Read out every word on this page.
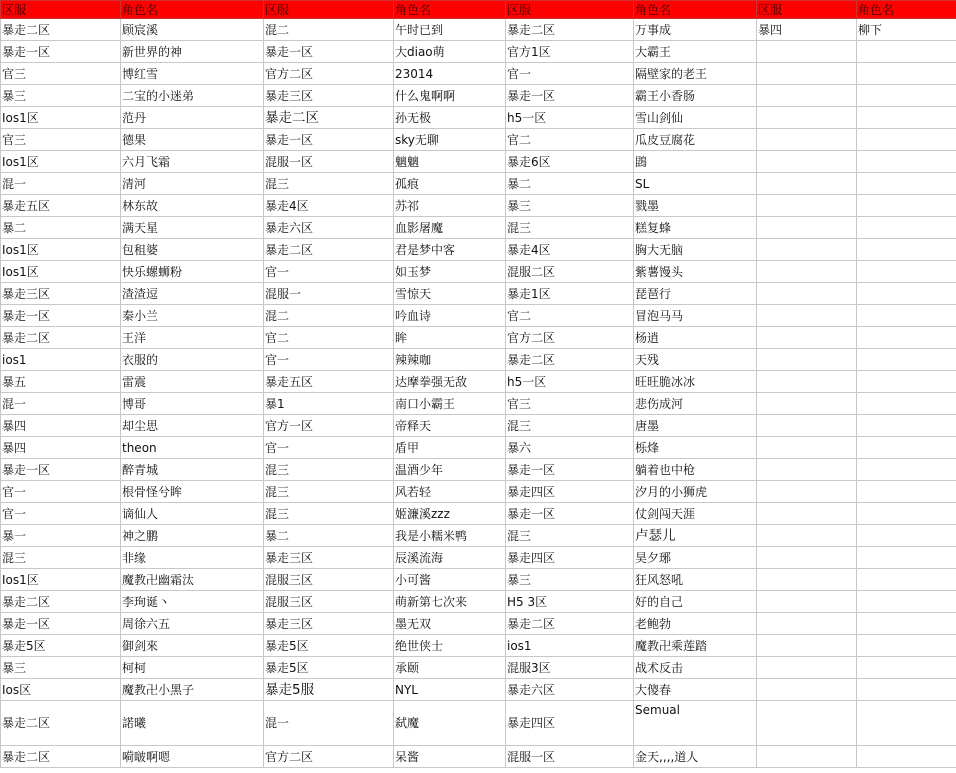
区服	角色名	区服	角色名	区服	角色名	区服	角色名
暴走二区	顾宸溪	混二	午时已到	暴走二区	万事成	暴四	柳下
暴走一区	新世界的神	暴走一区	大diao萌	官方1区	大霸王		
官三	博红雪	官方二区	23014	官一	隔壁家的老王		
暴三	二宝的小迷弟	暴走三区	什么鬼啊啊	暴走一区	霸王小香肠		
Ios1区	范丹	暴走二区	孙无极	h5一区	雪山剑仙		
官三	德果	暴走一区	sky无聊	官二	瓜皮豆腐花		
Ios1区	六月飞霜	混服一区	魑魑	暴走6区	鵾		
混一	清河	混三	孤痕	暴二	SL		
暴走五区	林东故	暴走4区	苏祁	暴三	戮墨		
暴二	满天星	暴走六区	血影屠魔	混三	糕复蜂		
Ios1区	包租婆	暴走二区	君是梦中客	暴走4区	胸大无脑		
Ios1区	快乐螺蛳粉	官一	如玉梦	混服二区	紫薯馒头		
暴走三区	渣渣逗	混服一	雪惊天	暴走1区	琵琶行		
暴走一区	秦小兰	混二	吟血诗	官二	冒泡马马		
暴走二区	王洋	官二	眸	官方二区	杨逍		
ios1	衣服的	官一	辣辣咖	暴走二区	天残		
暴五	雷震	暴走五区	达摩拳强无敌	h5一区	旺旺脆冰冰		
混一	博哥	暴1	南口小霸王	官三	悲伤成河		
暴四	却尘思	官方一区	帝释天	混三	唐墨		
暴四	theon	官一	盾甲	暴六	栎烽		
暴走一区	醉青城	混三	温酒少年	暴走一区	躺着也中枪		
官一	根骨怪兮眸	混三	风若轻	暴走四区	汐月的小狮虎		
官一	谪仙人	混三	姬濂溪zzz	暴走一区	仗剑闯天涯		
暴一	神之鹏	暴二	我是小糯米鸭	混三	卢瑟儿		
混三	非缘	暴走三区	辰溪流海	暴走四区	昊夕琊		
Ios1区	魔教卍幽霜汰	混服三区	小可酱	暴三	狂风怒吼		
暴走二区	李珣诞丶	混服三区	萌新第七次来	H5 3区	好的自己		
暴走一区	周徐六五	暴走三区	墨无双	暴走二区	老鲍勃		
暴走5区	御剑來	暴走5区	绝世侠士	ios1	魔教卍乘莲踏		
暴三	柯柯	暴走5区	承颐	混服3区	战术反击		
Ios区	魔教卍小黑子	暴走5服	NYL	暴走六区	大傻春		
暴走二区	諾曦	混一	弑魔	暴走四区	Semual		
暴走二区	嗬啵啊嗯	官方二区	呆酱	混服一区	金天,,,,道人		
